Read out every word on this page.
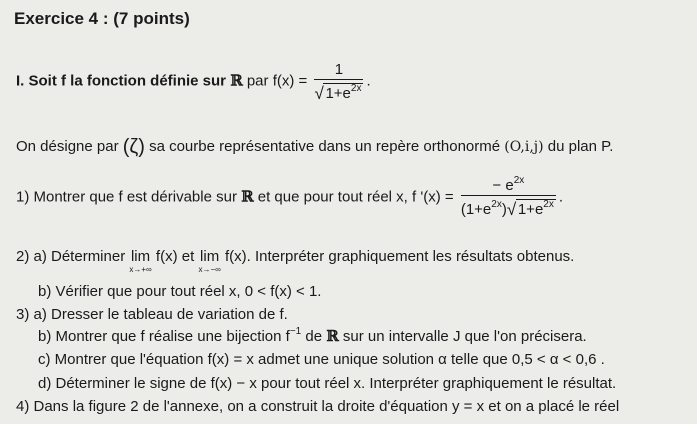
Exercice 4 : (7 points)
I. Soit f la fonction définie sur ℝ par $f(x) = \frac{1}{√ 1+e^{2x}}$ .
On désigne par (ζ) sa courbe représentative dans un repère orthonormé (O,i,j) du plan P.
1) Montrer que f est dérivable sur ℝ et que pour tout réel x, f '$(x) = \frac{- e^{2x}}{(1+e^{2x}) √ 1+e^{2x}}$ .
2) a) Déterminer lim
x→+∞
f(x) et lim
x→−∞
f(x). Interpréter graphiquement les résultats obtenus.
b) Vérifier que pour tout réel x, 0 < f(x) < 1.
3) a) Dresser le tableau de variation de f.
b) Montrer que f réalise une bijection $f^{-1}$ de ℝ sur un intervalle J que l'on précisera.
c) Montrer que l'équation f(x) = x admet une unique solution α telle que 0,5 < α < 0,6 .
d) Déterminer le signe de f(x) − x pour tout réel x. Interpréter graphiquement le résultat.
4) Dans la figure 2 de l'annexe, on a construit la droite d'équation y = x et on a placé le réel
